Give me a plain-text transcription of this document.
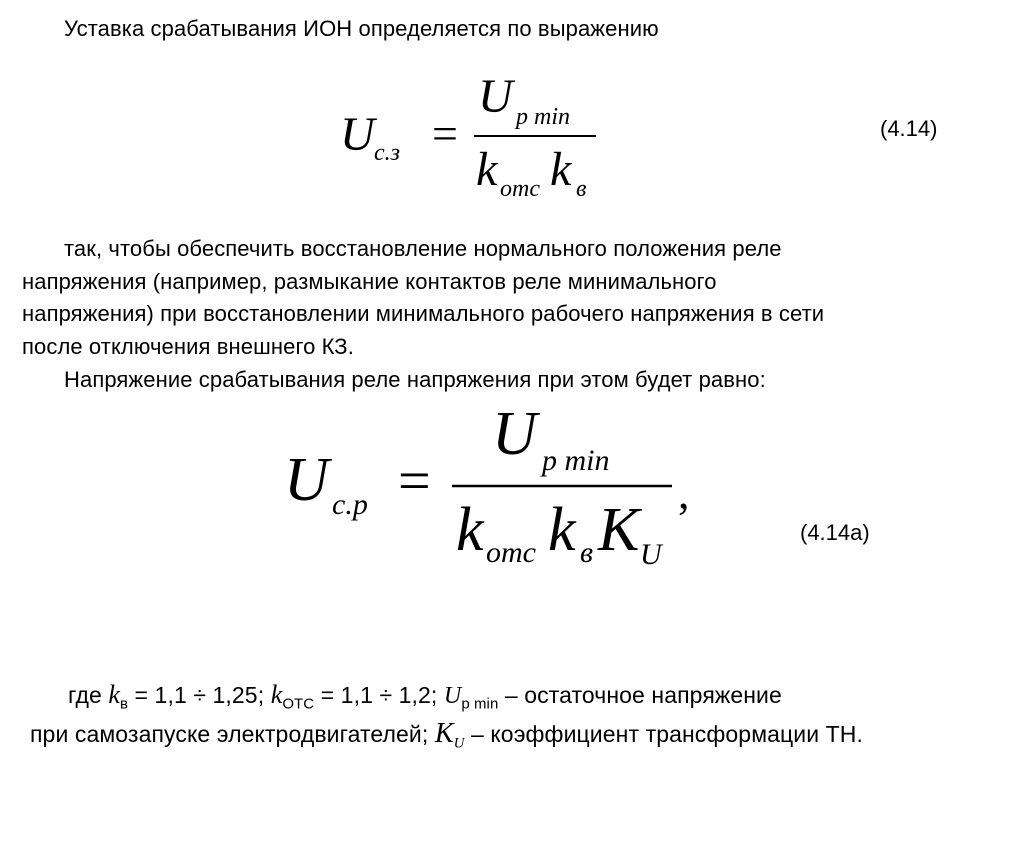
Уставка срабатывания ИОН определяется по выражению
U с.з =
U p min
k отс k в
(4.14)
так, чтобы обеспечить восстановление нормального положения реле
напряжения (например, размыкание контактов реле минимального
напряжения) при восстановлении минимального рабочего напряжения в сети
после отключения внешнего КЗ.
Напряжение срабатывания реле напряжения при этом будет равно:
U с.р =
U p min
,
k отс k в K U
(4.14а)
где $k_в = 1,1 \div 1,25$; $k_{ОТС} = 1,1 \div 1,2$; $U_{р min}$ – остаточное напряжение
при самозапуске электродвигателей; $K_U$ – коэффициент трансформации ТН.
